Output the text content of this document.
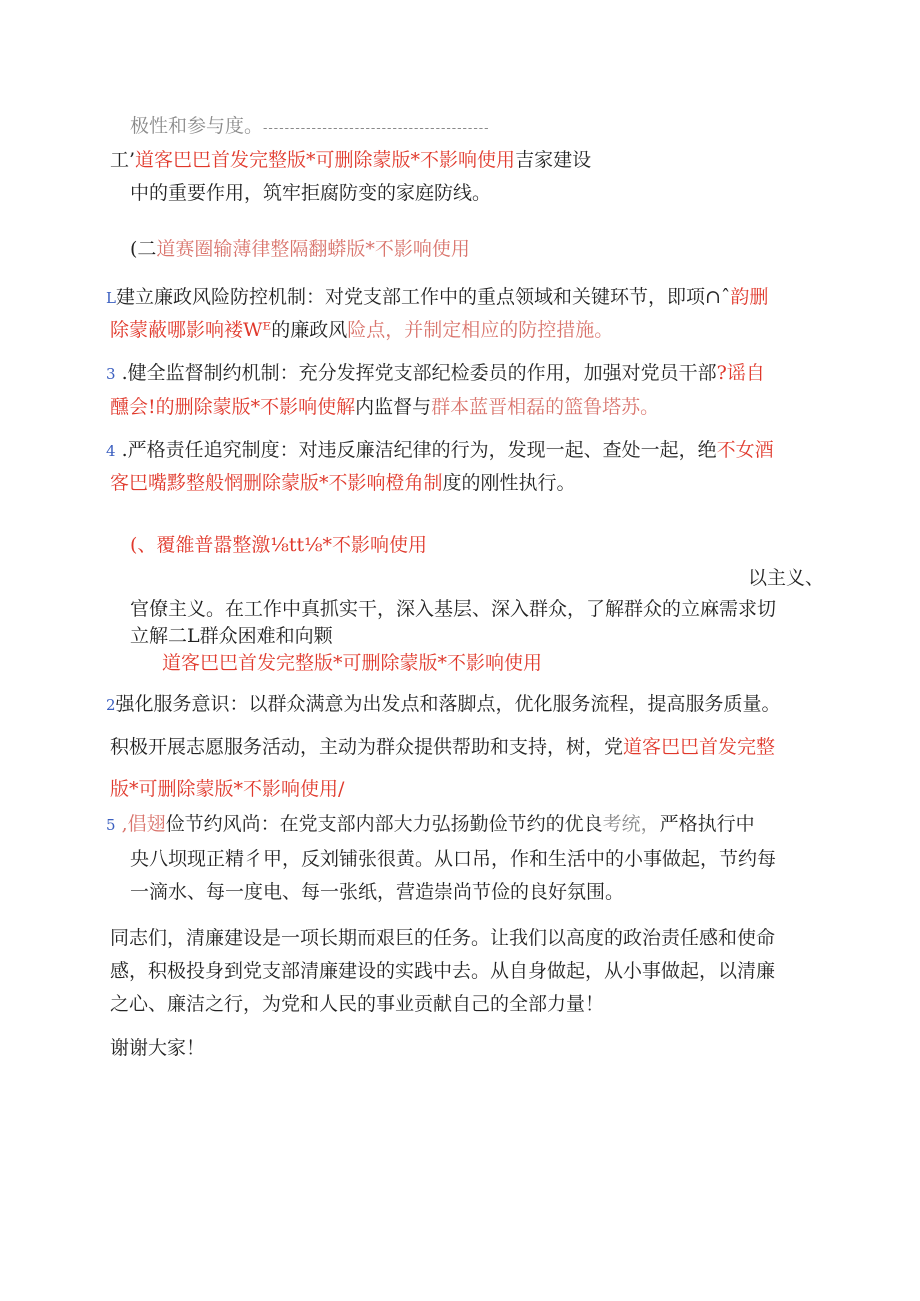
极性和参与度。------------------------------------------
工’道客巴巴首发完整版*可删除蒙版*不影响使用吉家建设
中的重要作用，筑牢拒腐防变的家庭防线。
(二道赛圈输薄律整隔翻蟒版*不影响使用
L建立廉政风险防控机制：对党支部工作中的重点领域和关键环节，即项∩ˆ韵删
除蒙蔽哪影响褛Wᴱ的廉政风险点，并制定相应的防控措施。
3 .健全监督制约机制：充分发挥党支部纪检委员的作用，加强对党员干部?谣自
醺会!的删除蒙版*不影响使解内监督与群本蓝晋相磊的篮鲁塔苏。
4 .严格责任追究制度：对违反廉洁纪律的行为，发现一起、查处一起，绝不女酒
客巴嘴黟整般惘删除蒙版*不影响橙角制度的刚性执行。
(、覆雒普嚣整激⅛tt⅛*不影响使用
以主义、
官僚主义。在工作中真抓实干，深入基层、深入群众，了解群众的立麻需求切
立解二L群众困难和向颗
道客巴巴首发完整版*可删除蒙版*不影响使用
2强化服务意识：以群众满意为出发点和落脚点，优化服务流程，提高服务质量。
积极开展志愿服务活动，主动为群众提供帮助和支持，树，党道客巴巴首发完整
版*可删除蒙版*不影响使用/
5 ,倡翅俭节约风尚：在党支部内部大力弘扬勤俭节约的优良考统，严格执行中
央八坝现正精彳甲，反刘铺张很黄。从口吊，作和生活中的小事做起，节约每
一滴水、每一度电、每一张纸，营造崇尚节俭的良好氛围。
同志们，清廉建设是一项长期而艰巨的任务。让我们以高度的政治责任感和使命
感，积极投身到党支部清廉建设的实践中去。从自身做起，从小事做起，以清廉
之心、廉洁之行，为党和人民的事业贡献自己的全部力量！
谢谢大家！
